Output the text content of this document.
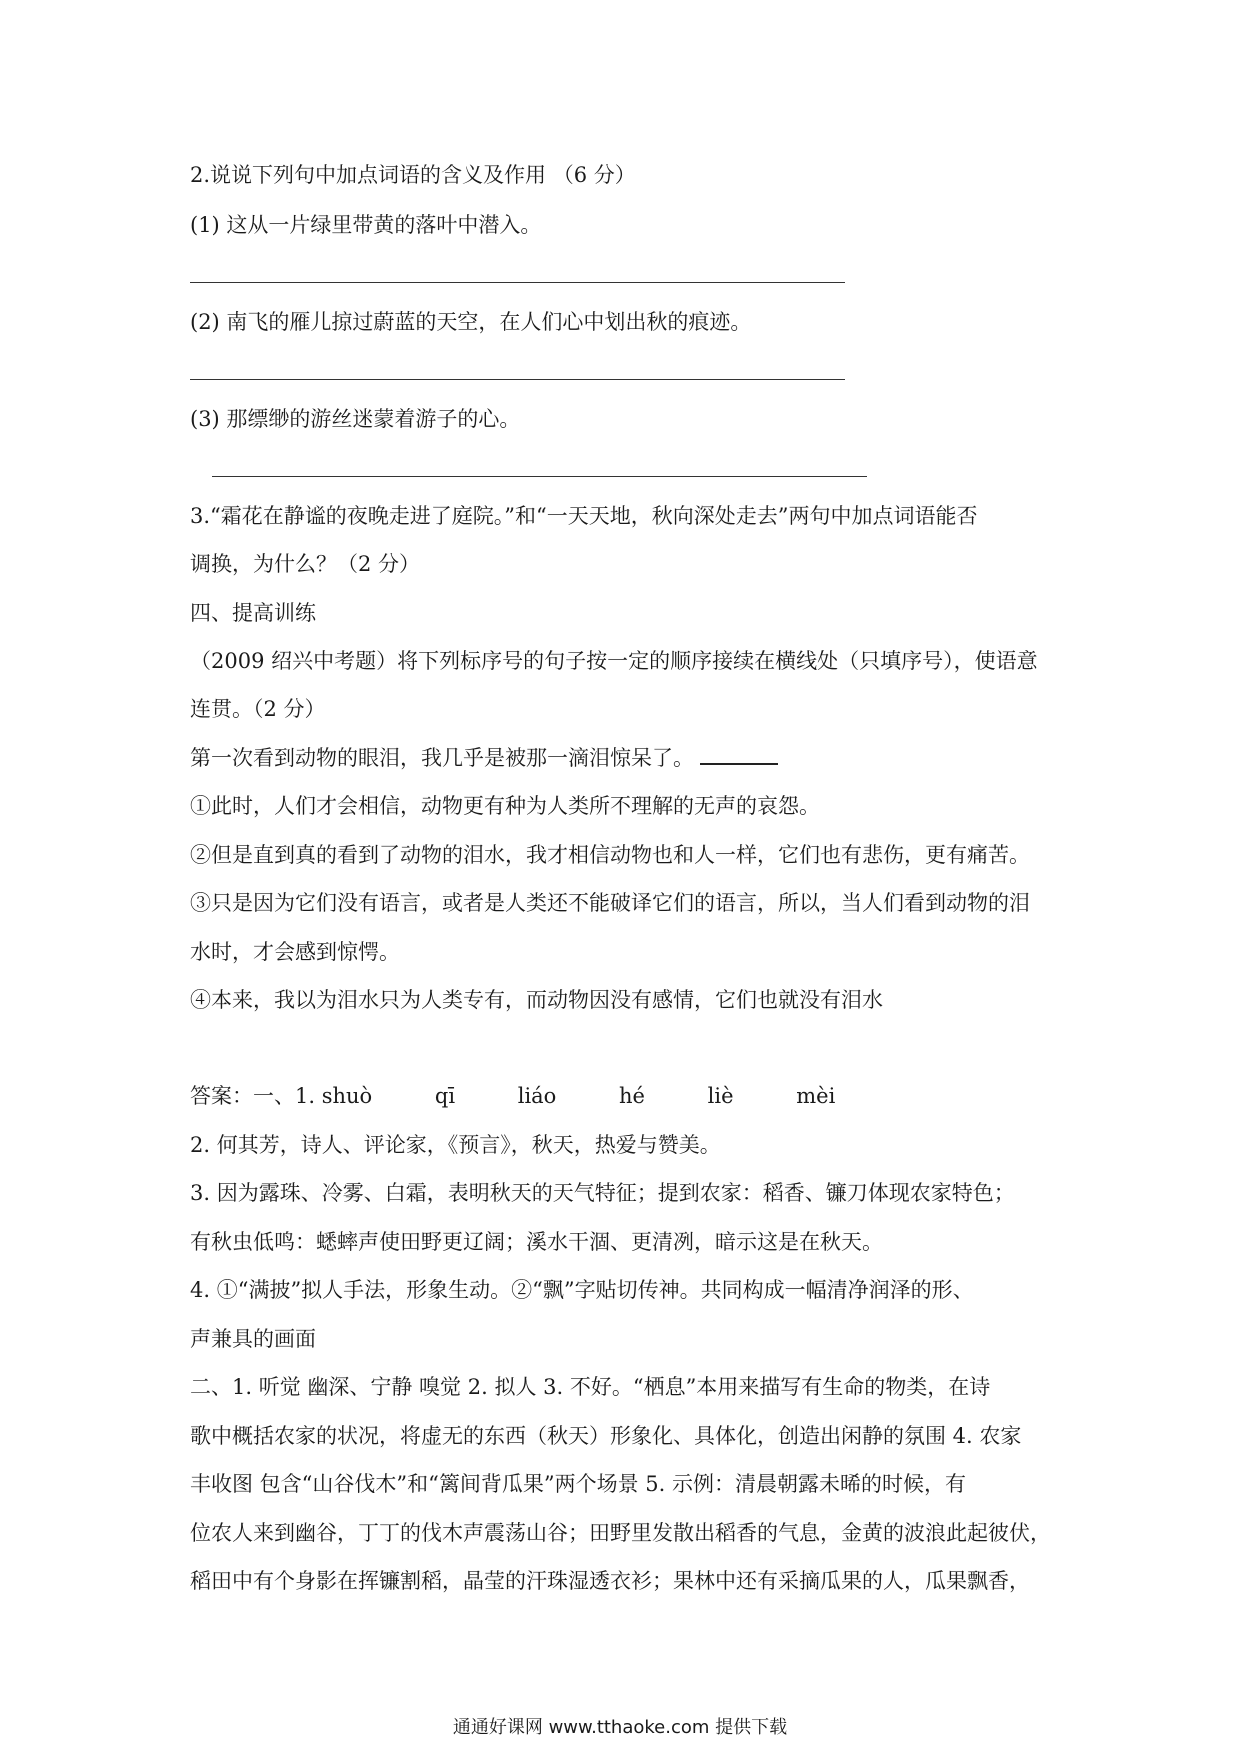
2.说说下列句中加点词语的含义及作用 （6 分）
(1) 这从一片绿里带黄的落叶中潜入。
(2) 南飞的雁儿掠过蔚蓝的天空，在人们心中划出秋的痕迹。
(3) 那缥缈的游丝迷蒙着游子的心。
3.“霜花在静谧的夜晚走进了庭院。”和“一天天地，秋向深处走去”两句中加点词语能否
调换，为什么？（2 分）
四、提高训练
（2009 绍兴中考题）将下列标序号的句子按一定的顺序接续在横线处（只填序号），使语意
连贯。（2 分）
第一次看到动物的眼泪，我几乎是被那一滴泪惊呆了。
①此时，人们才会相信，动物更有种为人类所不理解的无声的哀怨。
②但是直到真的看到了动物的泪水，我才相信动物也和人一样，它们也有悲伤，更有痛苦。
③只是因为它们没有语言，或者是人类还不能破译它们的语言，所以，当人们看到动物的泪
水时，才会感到惊愕。
④本来，我以为泪水只为人类专有，而动物因没有感情，它们也就没有泪水
答案：一、1. shuò	qī	liáo	hé	liè	mèi
2. 何其芳，诗人、评论家，《预言》，秋天，热爱与赞美。
3. 因为露珠、冷雾、白霜，表明秋天的天气特征；提到农家：稻香、镰刀体现农家特色；
有秋虫低鸣：蟋蟀声使田野更辽阔；溪水干涸、更清冽，暗示这是在秋天。
4. ①“满披”拟人手法，形象生动。②“飘”字贴切传神。共同构成一幅清净润泽的形、
声兼具的画面
二、1. 听觉 幽深、宁静 嗅觉 2. 拟人 3. 不好。“栖息”本用来描写有生命的物类，在诗
歌中概括农家的状况，将虚无的东西（秋天）形象化、具体化，创造出闲静的氛围 4. 农家
丰收图 包含“山谷伐木”和“篱间背瓜果”两个场景 5. 示例：清晨朝露未晞的时候，有
位农人来到幽谷，丁丁的伐木声震荡山谷；田野里发散出稻香的气息，金黄的波浪此起彼伏，
稻田中有个身影在挥镰割稻，晶莹的汗珠湿透衣衫；果林中还有采摘瓜果的人，瓜果飘香，
通通好课网 www.tthaoke.com 提供下载
